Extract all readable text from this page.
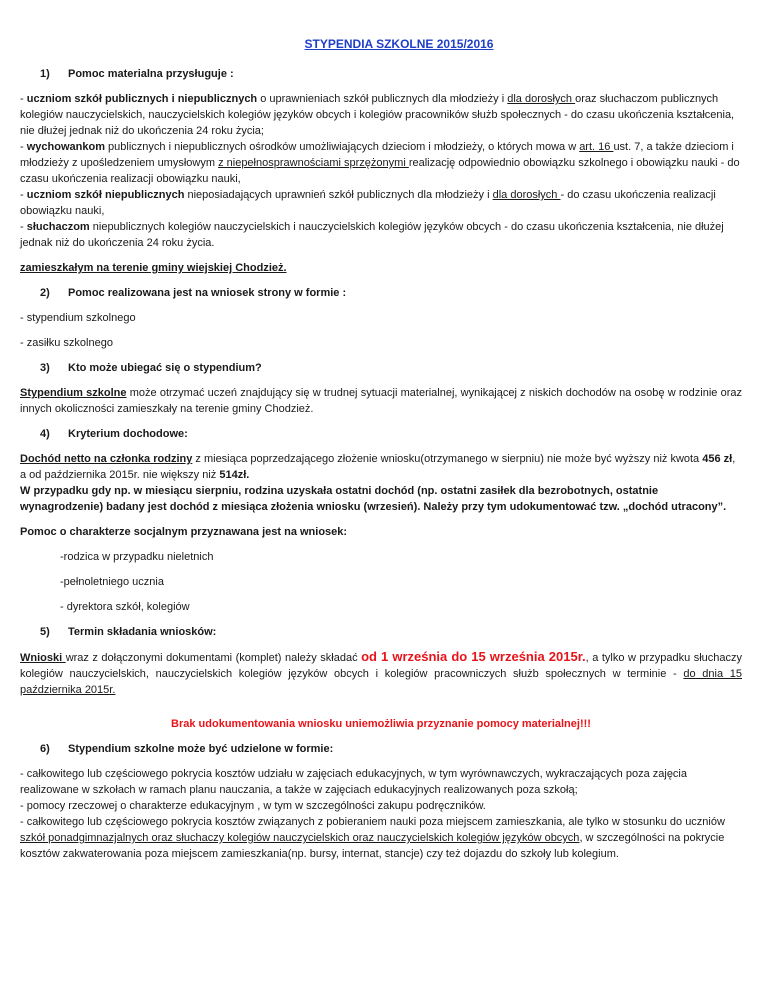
STYPENDIA SZKOLNE 2015/2016
1) Pomoc materialna przysługuje :

- uczniom szkół publicznych i niepublicznych o uprawnieniach szkół publicznych dla młodzieży i dla dorosłych oraz słuchaczom publicznych kolegiów nauczycielskich, nauczycielskich kolegiów języków obcych i kolegiów pracowników służb społecznych - do czasu ukończenia kształcenia, nie dłużej jednak niż do ukończenia 24 roku życia;

- wychowankom publicznych i niepublicznych ośrodków umożliwiających dzieciom i młodzieży, o których mowa w art. 16 ust. 7, a także dzieciom i młodzieży z upośledzeniem umysłowym z niepełnosprawnościami sprzężonymi realizację odpowiednio obowiązku szkolnego i obowiązku nauki - do czasu ukończenia realizacji obowiązku nauki,

- uczniom szkół niepublicznych nieposiadających uprawnień szkół publicznych dla młodzieży i dla dorosłych - do czasu ukończenia realizacji obowiązku nauki,

- słuchaczom niepublicznych kolegiów nauczycielskich i nauczycielskich kolegiów języków obcych - do czasu ukończenia kształcenia, nie dłużej jednak niż do ukończenia 24 roku życia.

zamieszkałym na terenie gminy wiejskiej Chodzież.

2) Pomoc realizowana jest na wniosek strony w formie :

- stypendium szkolnego

- zasiłku szkolnego

3) Kto może ubiegać się o stypendium?

Stypendium szkolne może otrzymać uczeń znajdujący się w trudnej sytuacji materialnej, wynikającej z niskich dochodów na osobę w rodzinie oraz innych okoliczności zamieszkały na terenie gminy Chodzież.

4) Kryterium dochodowe:

Dochód netto na członka rodziny z miesiąca poprzedzającego złożenie wniosku(otrzymanego w sierpniu) nie może być wyższy niż kwota 456 zł, a od października 2015r. nie większy niż 514zł.

W przypadku gdy np. w miesiącu sierpniu, rodzina uzyskała ostatni dochód (np. ostatni zasiłek dla bezrobotnych, ostatnie wynagrodzenie) badany jest dochód z miesiąca złożenia wniosku (wrzesień). Należy przy tym udokumentować tzw. „dochód utracony”.

Pomoc o charakterze socjalnym przyznawana jest na wniosek:

-rodzica w przypadku nieletnich

-pełnoletniego ucznia

- dyrektora szkół, kolegiów

5) Termin składania wniosków:

Wnioski wraz z dołączonymi dokumentami (komplet) należy składać od 1 września do 15 września 2015r., a tylko w przypadku słuchaczy kolegiów nauczycielskich, nauczycielskich kolegiów języków obcych i kolegiów pracowniczych służb społecznych w terminie - do dnia 15 października 2015r.

Brak udokumentowania wniosku uniemożliwia przyznanie pomocy materialnej!!!

6) Stypendium szkolne może być udzielone w formie:

- całkowitego lub częściowego pokrycia kosztów udziału w zajęciach edukacyjnych, w tym wyrównawczych, wykraczających poza zajęcia realizowane w szkołach w ramach planu nauczania, a także w zajęciach edukacyjnych realizowanych poza szkołą;

- pomocy rzeczowej o charakterze edukacyjnym , w tym w szczególności zakupu podręczników.

- całkowitego lub częściowego pokrycia kosztów związanych z pobieraniem nauki poza miejscem zamieszkania, ale tylko w stosunku do uczniów szkół ponadgimnazjalnych oraz słuchaczy kolegiów nauczycielskich oraz nauczycielskich kolegiów języków obcych, w szczególności na pokrycie kosztów zakwaterowania poza miejscem zamieszkania(np. bursy, internat, stancje) czy też dojazdu do szkoły lub kolegium.
